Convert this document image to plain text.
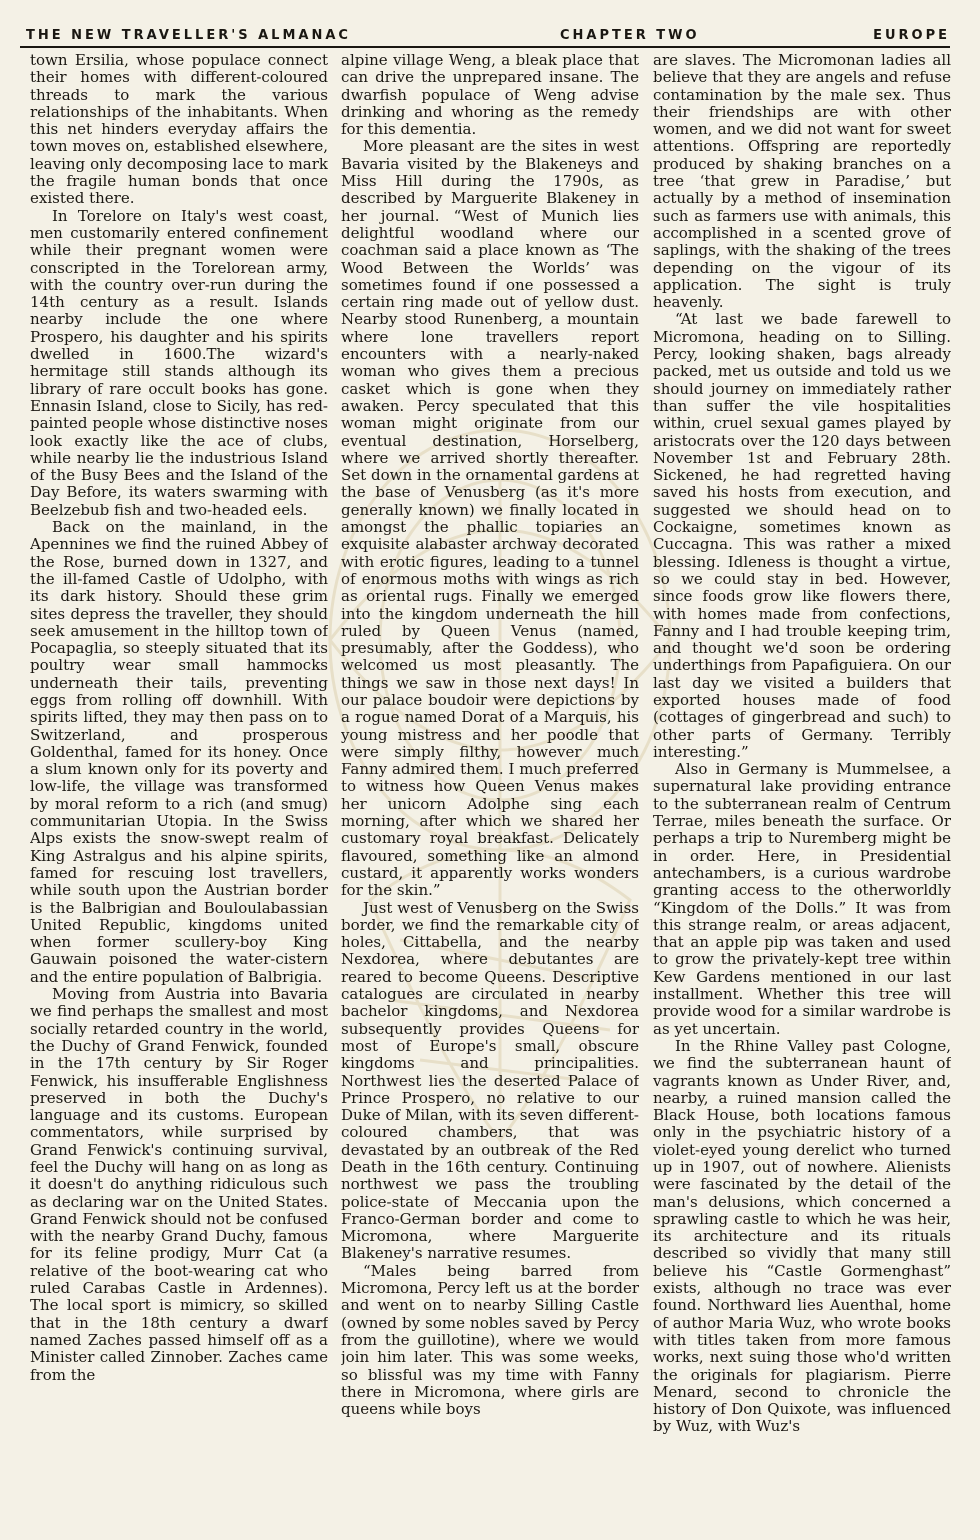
THE NEW TRAVELLER'S ALMANAC	CHAPTER TWO	EUROPE

town Ersilia, whose populace connect their homes with different-coloured threads to mark the various relationships of the inhabitants. When this net hinders everyday affairs the town moves on, established elsewhere, leaving only decomposing lace to mark the fragile human bonds that once existed there.

In Torelore on Italy's west coast, men customarily entered confinement while their pregnant women were conscripted in the Torelorean army, with the country over-run during the 14th century as a result. Islands nearby include the one where Prospero, his daughter and his spirits dwelled in 1600.The wizard's hermitage still stands although its library of rare occult books has gone. Ennasin Island, close to Sicily, has red-painted people whose distinctive noses look exactly like the ace of clubs, while nearby lie the industrious Island of the Busy Bees and the Island of the Day Before, its waters swarming with Beelzebub fish and two-headed eels.

Back on the mainland, in the Apennines we find the ruined Abbey of the Rose, burned down in 1327, and the ill-famed Castle of Udolpho, with its dark history. Should these grim sites depress the traveller, they should seek amusement in the hilltop town of Pocapaglia, so steeply situated that its poultry wear small hammocks underneath their tails, preventing eggs from rolling off downhill. With spirits lifted, they may then pass on to Switzerland, and prosperous Goldenthal, famed for its honey. Once a slum known only for its poverty and low-life, the village was transformed by moral reform to a rich (and smug) communitarian Utopia. In the Swiss Alps exists the snow-swept realm of King Astralgus and his alpine spirits, famed for rescuing lost travellers, while south upon the Austrian border is the Balbrigian and Bouloulabassian United Republic, kingdoms united when former scullery-boy King Gauwain poisoned the water-cistern and the entire population of Balbrigia.

Moving from Austria into Bavaria we find perhaps the smallest and most socially retarded country in the world, the Duchy of Grand Fenwick, founded in the 17th century by Sir Roger Fenwick, his insufferable Englishness preserved in both the Duchy's language and its customs. European commentators, while surprised by Grand Fenwick's continuing survival, feel the Duchy will hang on as long as it doesn't do anything ridiculous such as declaring war on the United States. Grand Fenwick should not be confused with the nearby Grand Duchy, famous for its feline prodigy, Murr Cat (a relative of the boot-wearing cat who ruled Carabas Castle in Ardennes). The local sport is mimicry, so skilled that in the 18th century a dwarf named Zaches passed himself off as a Minister called Zinnober. Zaches came from the

alpine village Weng, a bleak place that can drive the unprepared insane. The dwarfish populace of Weng advise drinking and whoring as the remedy for this dementia.

More pleasant are the sites in west Bavaria visited by the Blakeneys and Miss Hill during the 1790s, as described by Marguerite Blakeney in her journal. “West of Munich lies delightful woodland where our coachman said a place known as ‘The Wood Between the Worlds’ was sometimes found if one possessed a certain ring made out of yellow dust. Nearby stood Runenberg, a mountain where lone travellers report encounters with a nearly-naked woman who gives them a precious casket which is gone when they awaken. Percy speculated that this woman might originate from our eventual destination, Horselberg, where we arrived shortly thereafter. Set down in the ornamental gardens at the base of Venusberg (as it's more generally known) we finally located in amongst the phallic topiaries an exquisite alabaster archway decorated with erotic figures, leading to a tunnel of enormous moths with wings as rich as oriental rugs. Finally we emerged into the kingdom underneath the hill ruled by Queen Venus (named, presumably, after the Goddess), who welcomed us most pleasantly. The things we saw in those next days! In our palace boudoir were depictions by a rogue named Dorat of a Marquis, his young mistress and her poodle that were simply filthy, however much Fanny admired them. I much preferred to witness how Queen Venus makes her unicorn Adolphe sing each morning, after which we shared her customary royal breakfast. Delicately flavoured, something like an almond custard, it apparently works wonders for the skin.”

Just west of Venusberg on the Swiss border, we find the remarkable city of holes, Cittabella, and the nearby Nexdorea, where debutantes are reared to become Queens. Descriptive catalogues are circulated in nearby bachelor kingdoms, and Nexdorea subsequently provides Queens for most of Europe's small, obscure kingdoms and principalities. Northwest lies the deserted Palace of Prince Prospero, no relative to our Duke of Milan, with its seven different-coloured chambers, that was devastated by an outbreak of the Red Death in the 16th century. Continuing northwest we pass the troubling police-state of Meccania upon the Franco-German border and come to Micromona, where Marguerite Blakeney's narrative resumes.

“Males being barred from Micromona, Percy left us at the border and went on to nearby Silling Castle (owned by some nobles saved by Percy from the guillotine), where we would join him later. This was some weeks, so blissful was my time with Fanny there in Micromona, where girls are queens while boys

are slaves. The Micromonan ladies all believe that they are angels and refuse contamination by the male sex. Thus their friendships are with other women, and we did not want for sweet attentions. Offspring are reportedly produced by shaking branches on a tree ‘that grew in Paradise,’ but actually by a method of insemination such as farmers use with animals, this accomplished in a scented grove of saplings, with the shaking of the trees depending on the vigour of its application. The sight is truly heavenly.

“At last we bade farewell to Micromona, heading on to Silling. Percy, looking shaken, bags already packed, met us outside and told us we should journey on immediately rather than suffer the vile hospitalities within, cruel sexual games played by aristocrats over the 120 days between November 1st and February 28th. Sickened, he had regretted having saved his hosts from execution, and suggested we should head on to Cockaigne, sometimes known as Cuccagna. This was rather a mixed blessing. Idleness is thought a virtue, so we could stay in bed. However, since foods grow like flowers there, with homes made from confections, Fanny and I had trouble keeping trim, and thought we'd soon be ordering underthings from Papafiguiera. On our last day we visited a builders that exported houses made of food (cottages of gingerbread and such) to other parts of Germany. Terribly interesting.”

Also in Germany is Mummelsee, a supernatural lake providing entrance to the subterranean realm of Centrum Terrae, miles beneath the surface. Or perhaps a trip to Nuremberg might be in order. Here, in Presidential antechambers, is a curious wardrobe granting access to the otherworldly “Kingdom of the Dolls.” It was from this strange realm, or areas adjacent, that an apple pip was taken and used to grow the privately-kept tree within Kew Gardens mentioned in our last installment. Whether this tree will provide wood for a similar wardrobe is as yet uncertain.

In the Rhine Valley past Cologne, we find the subterranean haunt of vagrants known as Under River, and, nearby, a ruined mansion called the Black House, both locations famous only in the psychiatric history of a violet-eyed young derelict who turned up in 1907, out of nowhere. Alienists were fascinated by the detail of the man's delusions, which concerned a sprawling castle to which he was heir, its architecture and its rituals described so vividly that many still believe his “Castle Gormenghast” exists, although no trace was ever found. Northward lies Auenthal, home of author Maria Wuz, who wrote books with titles taken from more famous works, next suing those who'd written the originals for plagiarism. Pierre Menard, second to chronicle the history of Don Quixote, was influenced by Wuz, with Wuz's
